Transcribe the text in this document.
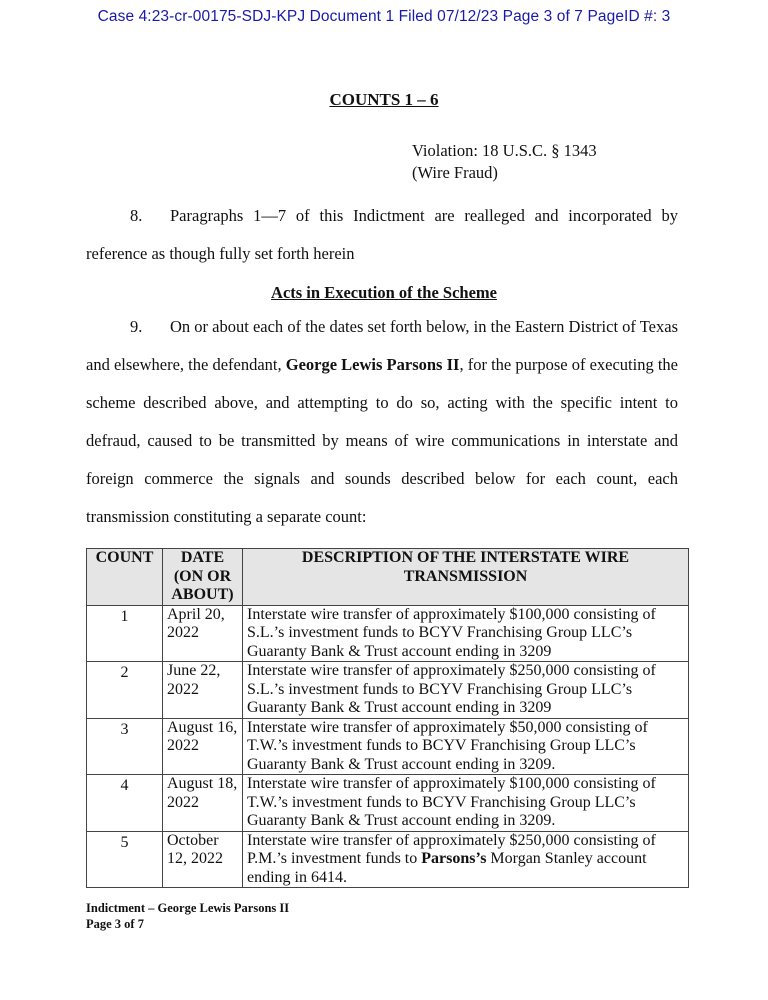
Case 4:23-cr-00175-SDJ-KPJ Document 1 Filed 07/12/23 Page 3 of 7 PageID #: 3
COUNTS 1 – 6
Violation: 18 U.S.C. § 1343
(Wire Fraud)
8. Paragraphs 1—7 of this Indictment are realleged and incorporated by reference as though fully set forth herein
Acts in Execution of the Scheme
9. On or about each of the dates set forth below, in the Eastern District of Texas and elsewhere, the defendant, George Lewis Parsons II, for the purpose of executing the scheme described above, and attempting to do so, acting with the specific intent to defraud, caused to be transmitted by means of wire communications in interstate and foreign commerce the signals and sounds described below for each count, each transmission constituting a separate count:
COUNT	DATE (ON OR ABOUT)	DESCRIPTION OF THE INTERSTATE WIRE TRANSMISSION
1	April 20, 2022	Interstate wire transfer of approximately $100,000 consisting of S.L.’s investment funds to BCYV Franchising Group LLC’s Guaranty Bank & Trust account ending in 3209
2	June 22, 2022	Interstate wire transfer of approximately $250,000 consisting of S.L.’s investment funds to BCYV Franchising Group LLC’s Guaranty Bank & Trust account ending in 3209
3	August 16, 2022	Interstate wire transfer of approximately $50,000 consisting of T.W.’s investment funds to BCYV Franchising Group LLC’s Guaranty Bank & Trust account ending in 3209.
4	August 18, 2022	Interstate wire transfer of approximately $100,000 consisting of T.W.’s investment funds to BCYV Franchising Group LLC’s Guaranty Bank & Trust account ending in 3209.
5	October 12, 2022	Interstate wire transfer of approximately $250,000 consisting of P.M.’s investment funds to Parsons’s Morgan Stanley account ending in 6414.
Indictment – George Lewis Parsons II
Page 3 of 7
